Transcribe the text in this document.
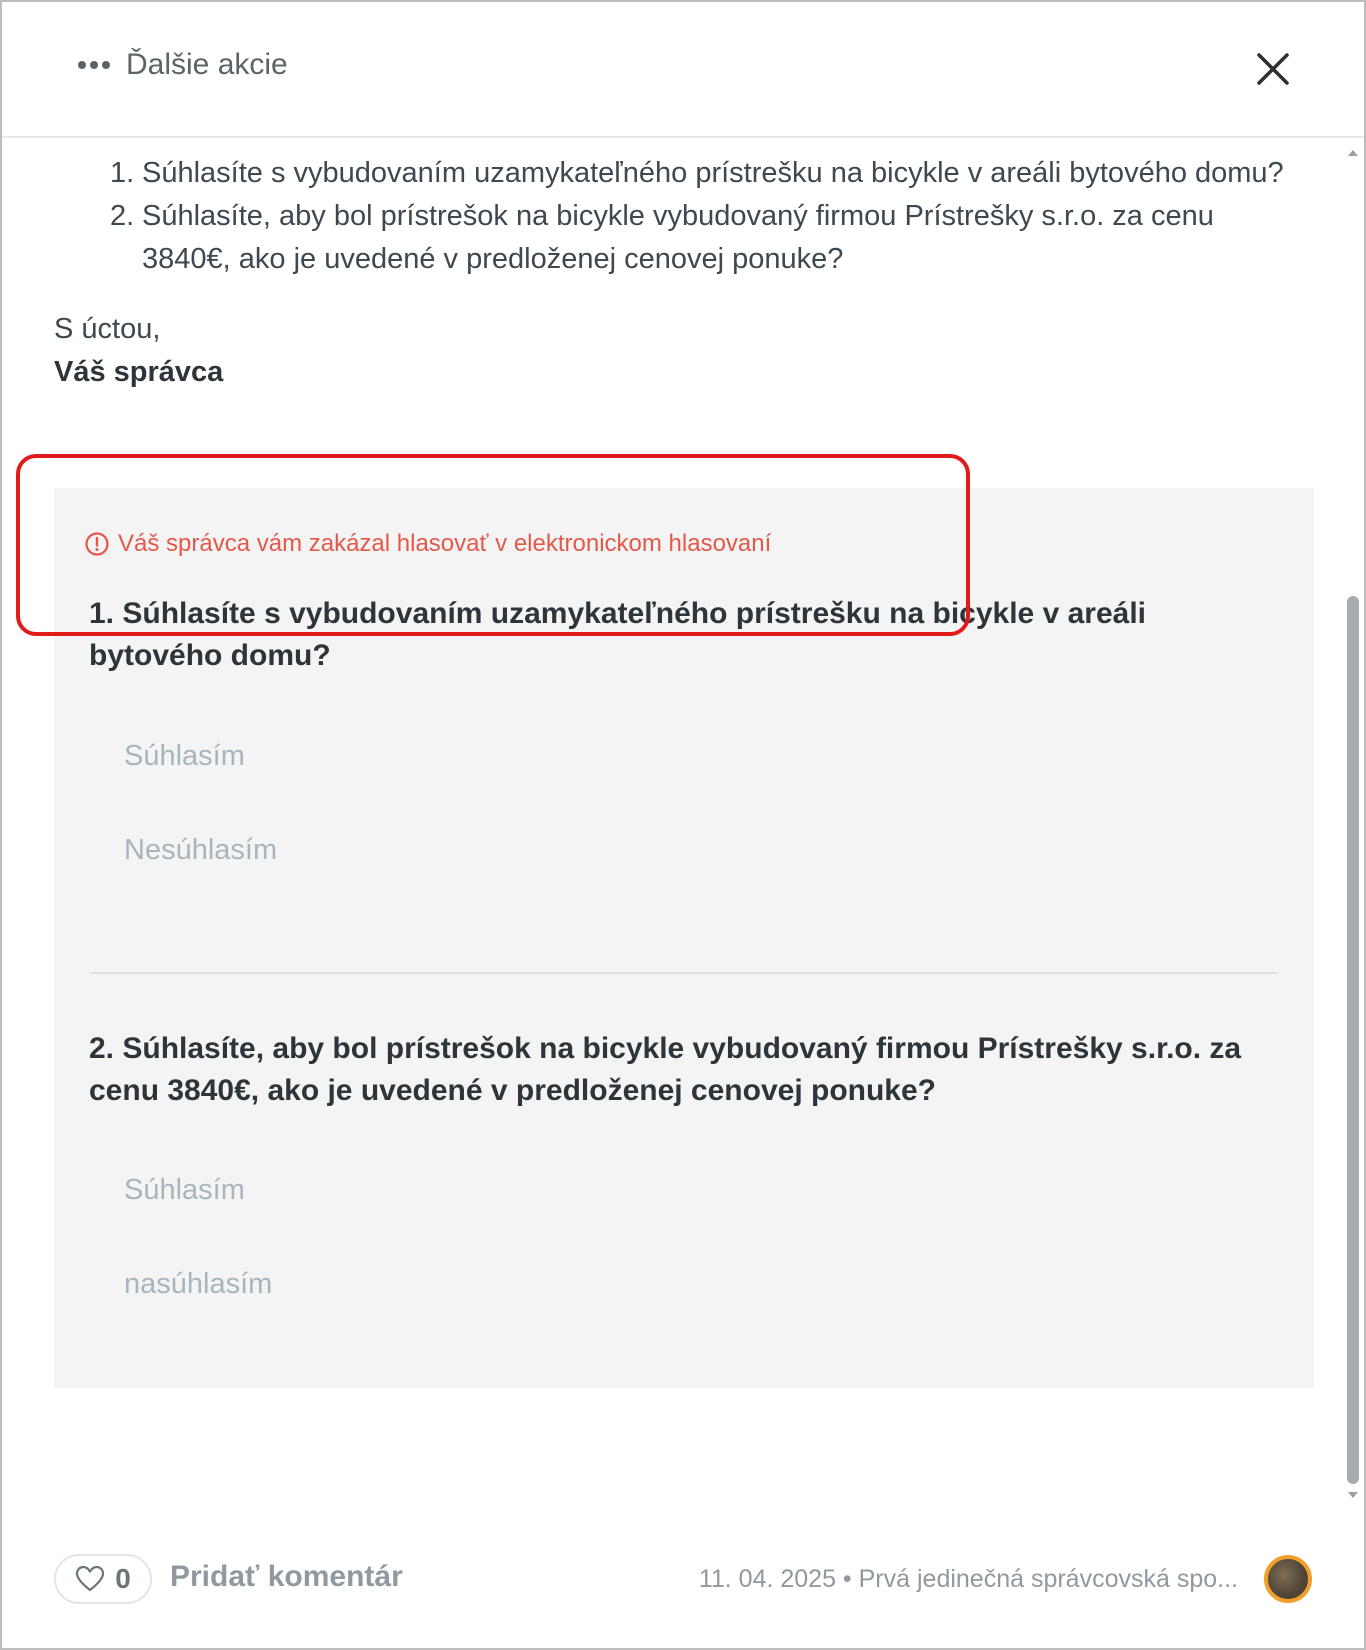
Ďalšie akcie
1. Súhlasíte s vybudovaním uzamykateľného prístrešku na bicykle v areáli bytového domu?
2. Súhlasíte, aby bol prístrešok na bicykle vybudovaný firmou Prístrešky s.r.o. za cenu 3840€, ako je uvedené v predloženej cenovej ponuke?
S úctou,
Váš správca
Váš správca vám zakázal hlasovať v elektronickom hlasovaní
1. Súhlasíte s vybudovaním uzamykateľného prístrešku na bicykle v areáli bytového domu?
Súhlasím
Nesúhlasím
2. Súhlasíte, aby bol prístrešok na bicykle vybudovaný firmou Prístrešky s.r.o. za cenu 3840€, ako je uvedené v predloženej cenovej ponuke?
Súhlasím
nasúhlasím
0 Pridať komentár	11. 04. 2025 • Prvá jedinečná správcovská spo...
